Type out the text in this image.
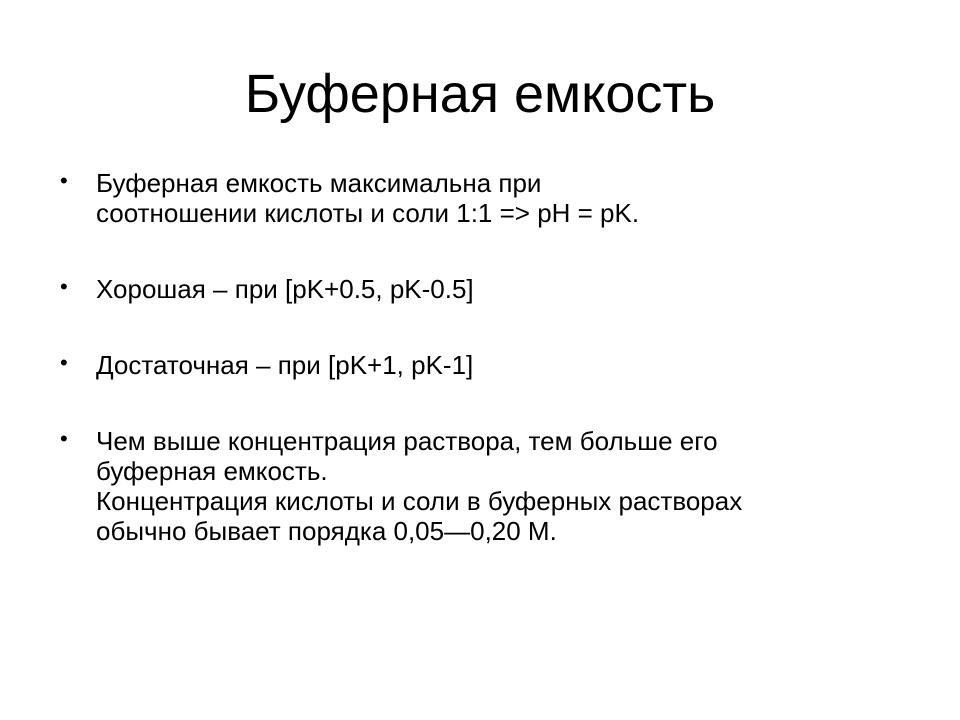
Буферная емкость
• Буферная емкость максимальна при
соотношении кислоты и соли 1:1 => pH = pK.
• Хорошая – при [pK+0.5, pK-0.5]
• Достаточная – при [pK+1, pK-1]
• Чем выше концентрация раствора, тем больше его
буферная емкость.
Концентрация кислоты и соли в буферных растворах
обычно бывает порядка 0,05—0,20 М.
